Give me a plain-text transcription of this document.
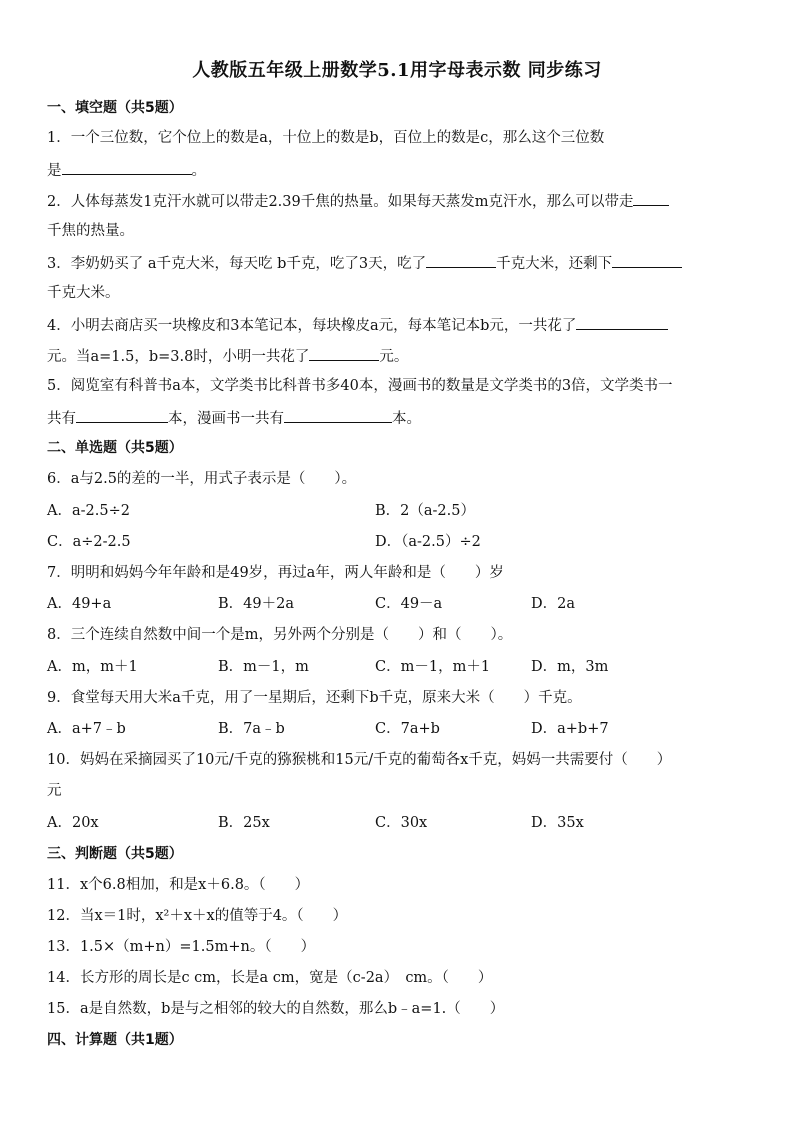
人教版五年级上册数学5.1用字母表示数 同步练习
一、填空题（共5题）
1．一个三位数，它个位上的数是a，十位上的数是b，百位上的数是c，那么这个三位数
是	。
2．人体每蒸发1克汗水就可以带走2.39千焦的热量。如果每天蒸发m克汗水，那么可以带走
千焦的热量。
3．李奶奶买了 a千克大米，每天吃 b千克，吃了3天，吃了	千克大米，还剩下
千克大米。
4．小明去商店买一块橡皮和3本笔记本，每块橡皮a元，每本笔记本b元，一共花了
元。当a=1.5，b=3.8时，小明一共花了	元。
5．阅览室有科普书a本，文学类书比科普书多40本，漫画书的数量是文学类书的3倍，文学类书一
共有	本，漫画书一共有	本。
二、单选题（共5题）
6．a与2.5的差的一半，用式子表示是（　　）。
A．a-2.5÷2	B．2（a-2.5）
C．a÷2-2.5	D．（a-2.5）÷2
7．明明和妈妈今年年龄和是49岁，再过a年，两人年龄和是（　　）岁
A．49+a	B．49＋2a	C．49－a	D．2a
8．三个连续自然数中间一个是m，另外两个分别是（　　）和（　　）。
A．m，m＋1	B．m－1，m	C．m－1，m＋1	D．m，3m
9．食堂每天用大米a千克，用了一星期后，还剩下b千克，原来大米（　　）千克。
A．a+7﹣b	B．7a﹣b	C．7a+b	D．a+b+7
10．妈妈在采摘园买了10元/千克的猕猴桃和15元/千克的葡萄各x千克，妈妈一共需要付（　　）
元
A．20x	B．25x	C．30x	D．35x
三、判断题（共5题）
11．x个6.8相加，和是x＋6.8。（　　）
12．当x＝1时，x²＋x＋x的值等于4。（　　）
13．1.5×（m+n）=1.5m+n。（　　）
14．长方形的周长是c cm，长是a cm，宽是（c-2a）　cm。（　　）
15．a是自然数，b是与之相邻的较大的自然数，那么b﹣a=1.（　　）
四、计算题（共1题）
